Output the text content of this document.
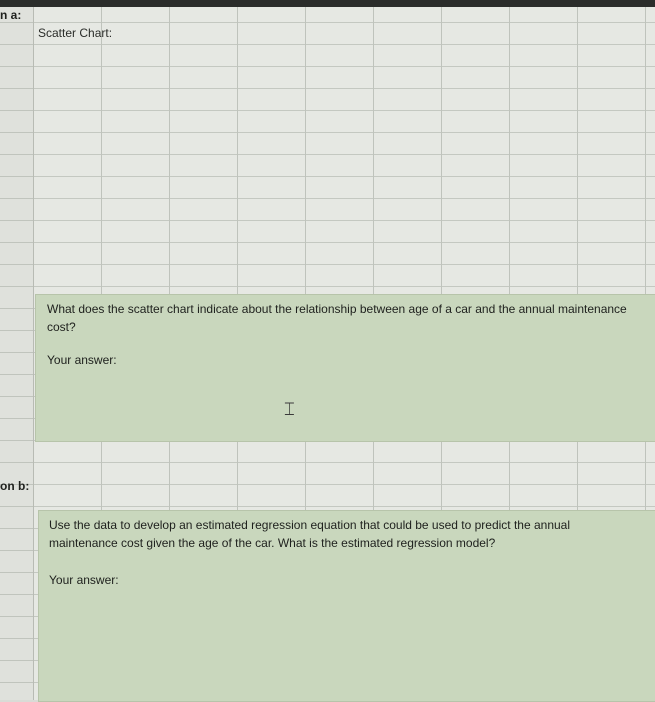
n a:
Scatter Chart:
What does the scatter chart indicate about the relationship between age of a car and the annual maintenance cost?
Your answer:
⌶
on b:
Use the data to develop an estimated regression equation that could be used to predict the annual maintenance cost given the age of the car. What is the estimated regression model?
Your answer:
